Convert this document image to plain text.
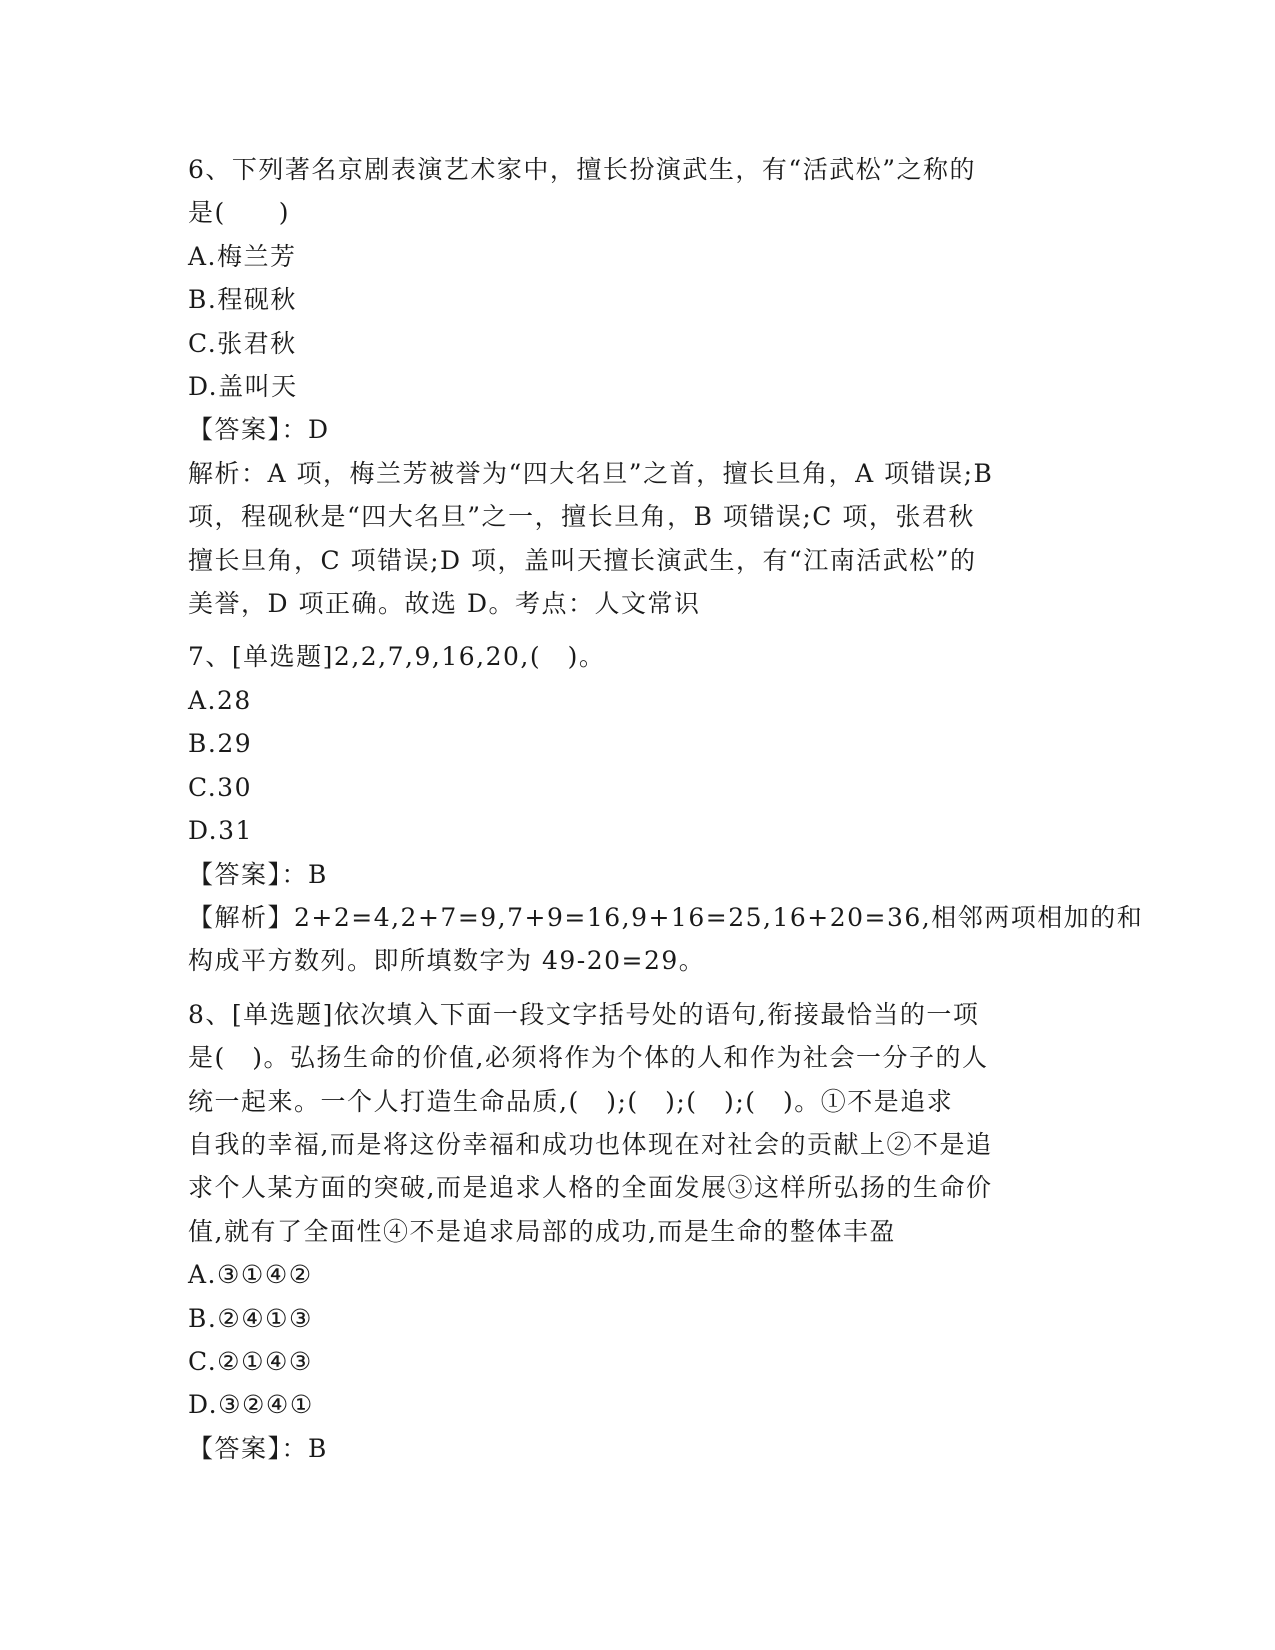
6、下列著名京剧表演艺术家中，擅长扮演武生，有“活武松”之称的
是(　　)
A.梅兰芳
B.程砚秋
C.张君秋
D.盖叫天
【答案】：D
解析：A 项，梅兰芳被誉为“四大名旦”之首，擅长旦角，A 项错误;B
项，程砚秋是“四大名旦”之一，擅长旦角，B 项错误;C 项，张君秋
擅长旦角，C 项错误;D 项，盖叫天擅长演武生，有“江南活武松”的
美誉，D 项正确。故选 D。考点：人文常识
7、[单选题]2,2,7,9,16,20,(　)。
A.28
B.29
C.30
D.31
【答案】：B
【解析】2+2=4,2+7=9,7+9=16,9+16=25,16+20=36,相邻两项相加的和
构成平方数列。即所填数字为 49-20=29。
8、[单选题]依次填入下面一段文字括号处的语句,衔接最恰当的一项
是(　)。弘扬生命的价值,必须将作为个体的人和作为社会一分子的人
统一起来。一个人打造生命品质,(　);(　);(　);(　)。①不是追求
自我的幸福,而是将这份幸福和成功也体现在对社会的贡献上②不是追
求个人某方面的突破,而是追求人格的全面发展③这样所弘扬的生命价
值,就有了全面性④不是追求局部的成功,而是生命的整体丰盈
A.③①④②
B.②④①③
C.②①④③
D.③②④①
【答案】：B
